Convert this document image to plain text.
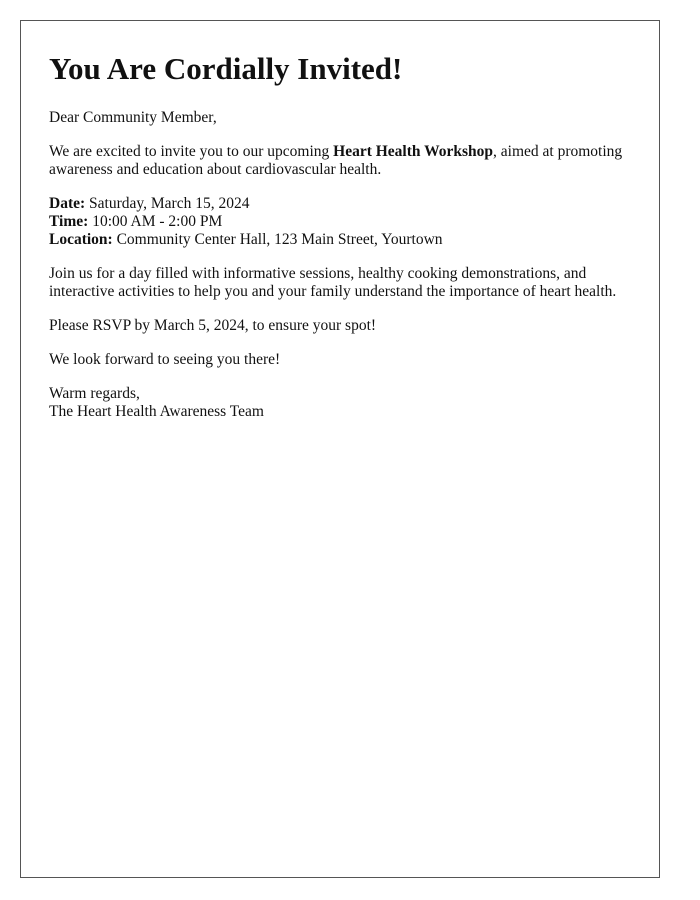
You Are Cordially Invited!

Dear Community Member,

We are excited to invite you to our upcoming Heart Health Workshop, aimed at promoting awareness and education about cardiovascular health.

Date: Saturday, March 15, 2024
Time: 10:00 AM - 2:00 PM
Location: Community Center Hall, 123 Main Street, Yourtown

Join us for a day filled with informative sessions, healthy cooking demonstrations, and interactive activities to help you and your family understand the importance of heart health.

Please RSVP by March 5, 2024, to ensure your spot!

We look forward to seeing you there!

Warm regards,
The Heart Health Awareness Team
